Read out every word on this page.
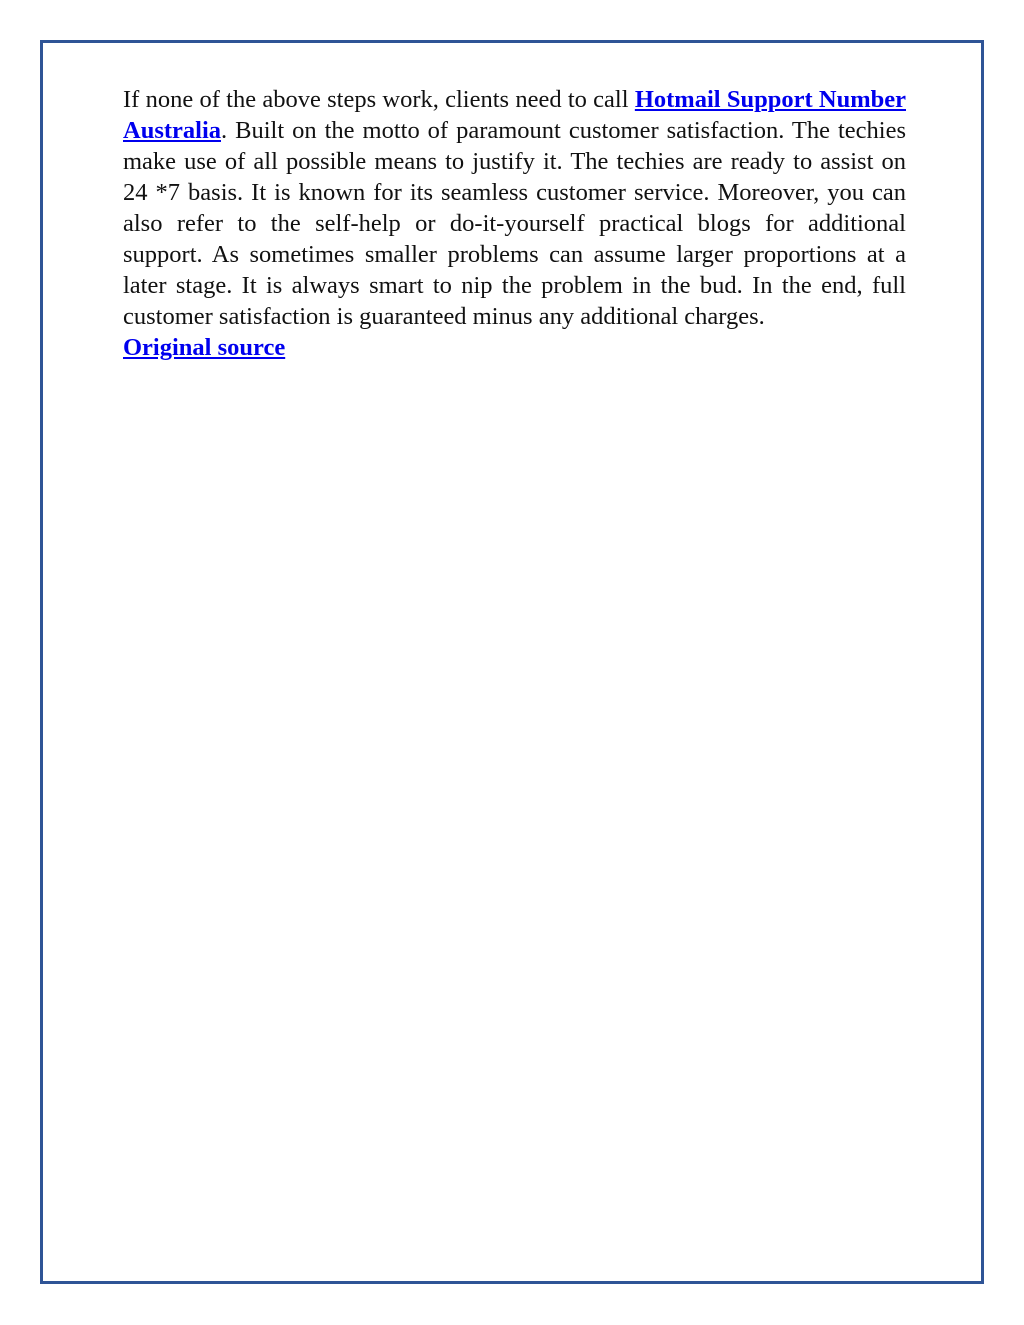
If none of the above steps work, clients need to call Hotmail Support Number Australia. Built on the motto of paramount customer satisfaction. The techies make use of all possible means to justify it. The techies are ready to assist on 24 *7 basis. It is known for its seamless customer service. Moreover, you can also refer to the self-help or do-it-yourself practical blogs for additional support. As sometimes smaller problems can assume larger proportions at a later stage. It is always smart to nip the problem in the bud. In the end, full customer satisfaction is guaranteed minus any additional charges.

Original source
